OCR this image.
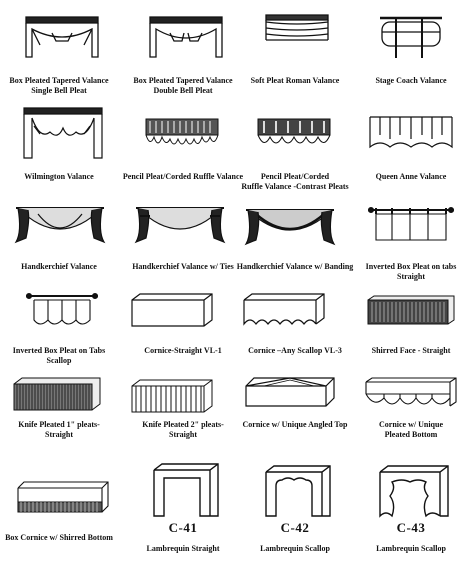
Box Pleated Tapered Valance
Single Bell Pleat
Box Pleated Tapered Valance
Double Bell Pleat
Soft Pleat Roman Valance	Stage Coach Valance
Wilmington Valance	Pencil Pleat/Corded Ruffle Valance	Pencil Pleat/Corded
Ruffle Valance -Contrast Pleats
Queen Anne Valance
Handkerchief Valance	Handkerchief Valance w/ Ties Handkerchief Valance w/ Banding	Inverted Box Pleat on tabs
Straight
Inverted Box Pleat on Tabs
Scallop
Cornice-Straight VL-1	Cornice –Any Scallop VL-3	Shirred Face - Straight
Knife Pleated 1" pleats-
Straight
Knife Pleated 2" pleats-
Straight
Cornice w/ Unique Angled Top	Cornice w/ Unique
Pleated Bottom
Box Cornice w/ Shirred Bottom
C-41
Lambrequin Straight
C-42
Lambrequin Scallop
C-43
Lambrequin Scallop
